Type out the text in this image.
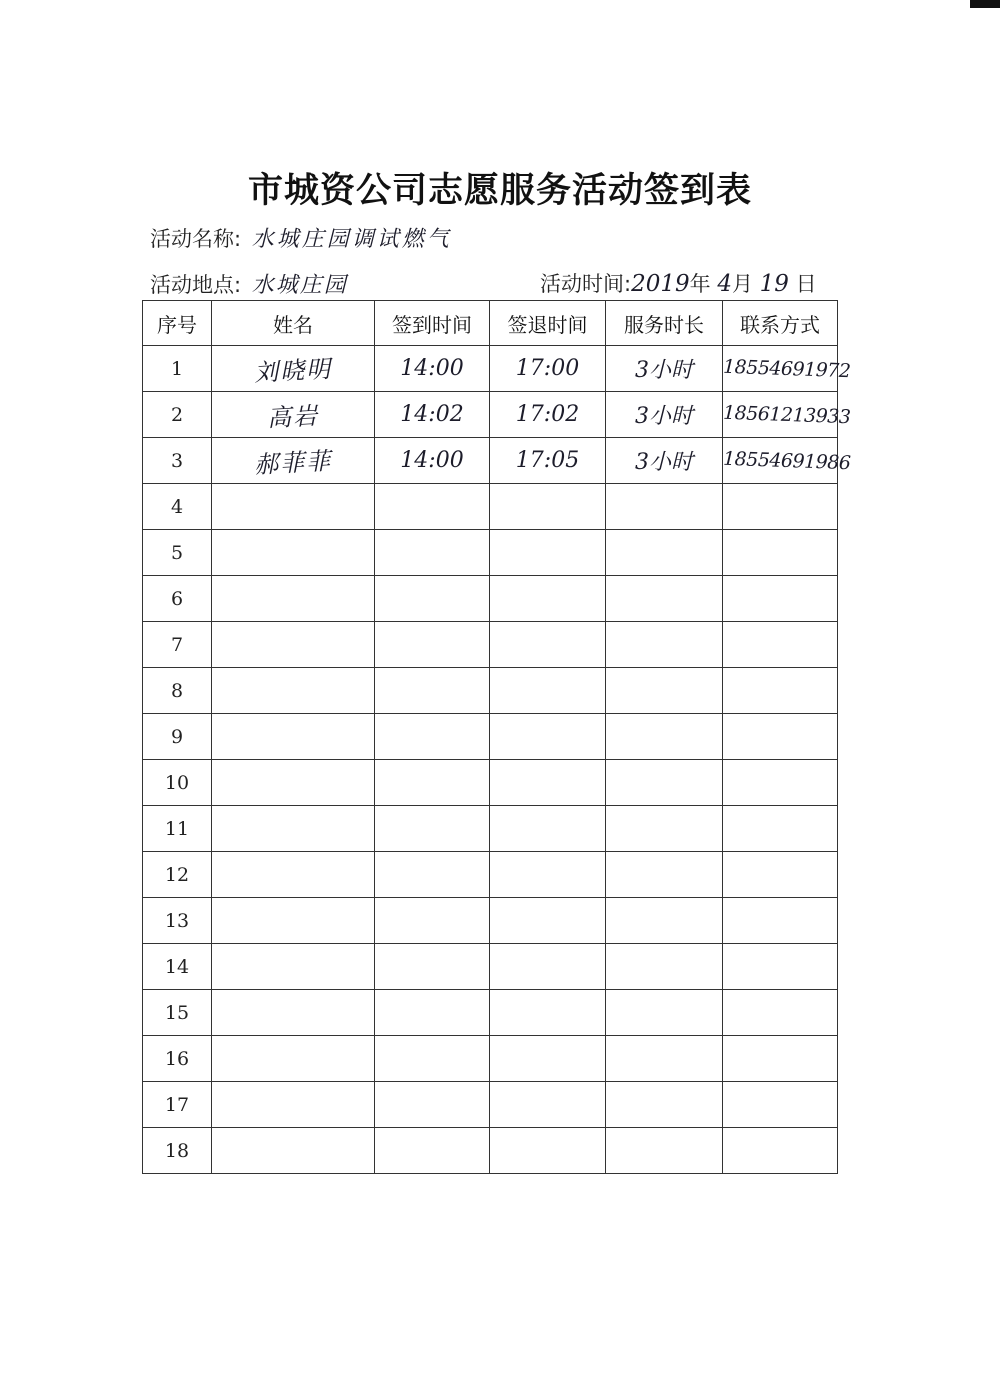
市城资公司志愿服务活动签到表
活动名称: 水城庄园调试燃气
活动地点: 水城庄园	活动时间:2019年 4月 19 日
序号	姓名	签到时间	签退时间	服务时长	联系方式
1	刘晓明	14:00	17:00	3小时	18554691972
2	高岩	14:02	17:02	3小时	18561213933
3	郝菲菲	14:00	17:05	3小时	18554691986
4					
5					
6					
7					
8					
9					
10					
11					
12					
13					
14					
15					
16					
17					
18					
